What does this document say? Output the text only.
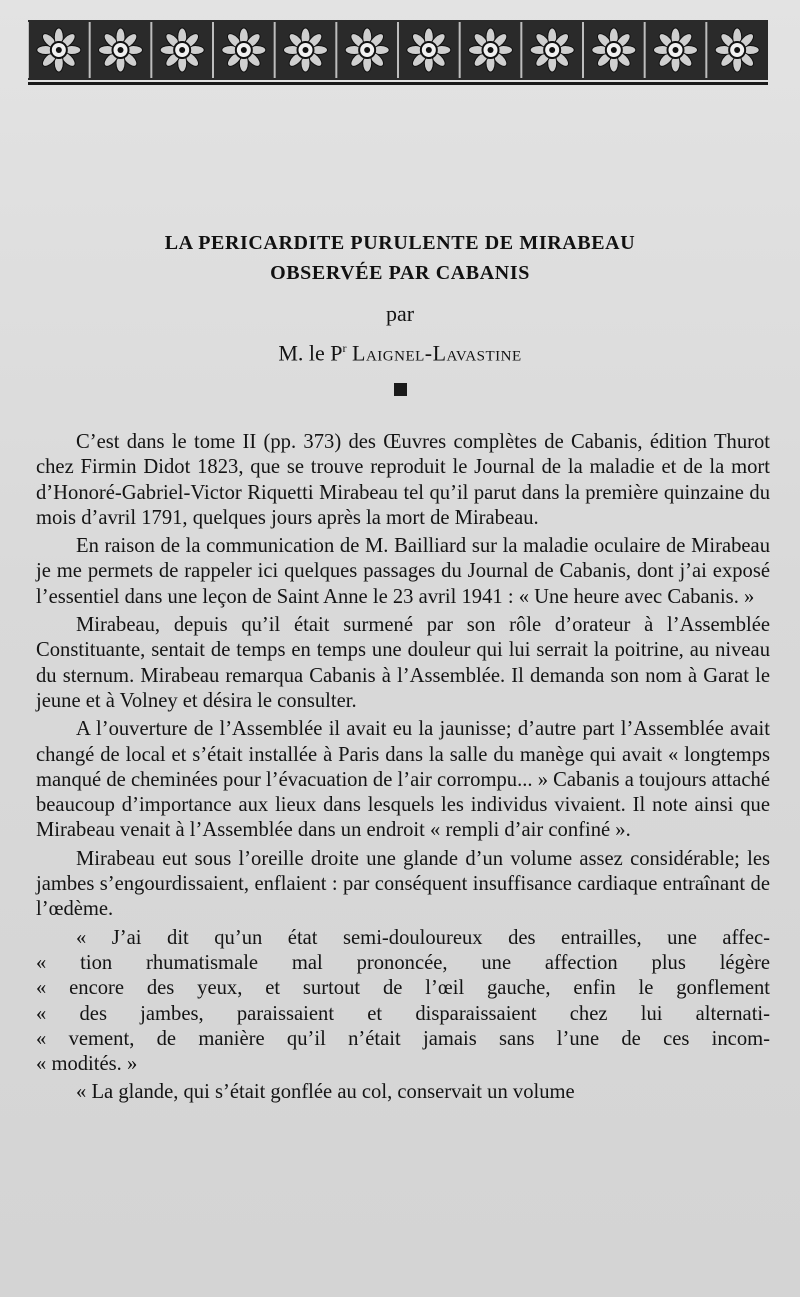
LA PERICARDITE PURULENTE DE MIRABEAU
OBSERVÉE PAR CABANIS
par
M. le $P^r$ Laignel-Lavastine

C’est dans le tome II (pp. 373) des Œuvres complètes de Cabanis, édition Thurot chez Firmin Didot 1823, que se trouve reproduit le Journal de la maladie et de la mort d’Honoré-Gabriel-Victor Riquetti Mirabeau tel qu’il parut dans la première quinzaine du mois d’avril 1791, quelques jours après la mort de Mirabeau.

En raison de la communication de M. Bailliard sur la maladie oculaire de Mirabeau je me permets de rappeler ici quelques passages du Journal de Cabanis, dont j’ai exposé l’essentiel dans une leçon de Saint Anne le 23 avril 1941 : « Une heure avec Cabanis. »

Mirabeau, depuis qu’il était surmené par son rôle d’orateur à l’Assemblée Constituante, sentait de temps en temps une douleur qui lui serrait la poitrine, au niveau du sternum. Mirabeau remarqua Cabanis à l’Assemblée. Il demanda son nom à Garat le jeune et à Volney et désira le consulter.

A l’ouverture de l’Assemblée il avait eu la jaunisse; d’autre part l’Assemblée avait changé de local et s’était installée à Paris dans la salle du manège qui avait « longtemps manqué de cheminées pour l’évacuation de l’air corrompu... » Cabanis a toujours attaché beaucoup d’importance aux lieux dans lesquels les individus vivaient. Il note ainsi que Mirabeau venait à l’Assemblée dans un endroit « rempli d’air confiné ».

Mirabeau eut sous l’oreille droite une glande d’un volume assez considérable; les jambes s’engourdissaient, enflaient : par conséquent insuffisance cardiaque entraînant de l’œdème.

« J’ai dit qu’un état semi-douloureux des entrailles, une affec-
« tion rhumatismale mal prononcée, une affection plus légère
« encore des yeux, et surtout de l’œil gauche, enfin le gonflement
« des jambes, paraissaient et disparaissaient chez lui alternati-
« vement, de manière qu’il n’était jamais sans l’une de ces incom-
« modités. »

« La glande, qui s’était gonflée au col, conservait un volume
